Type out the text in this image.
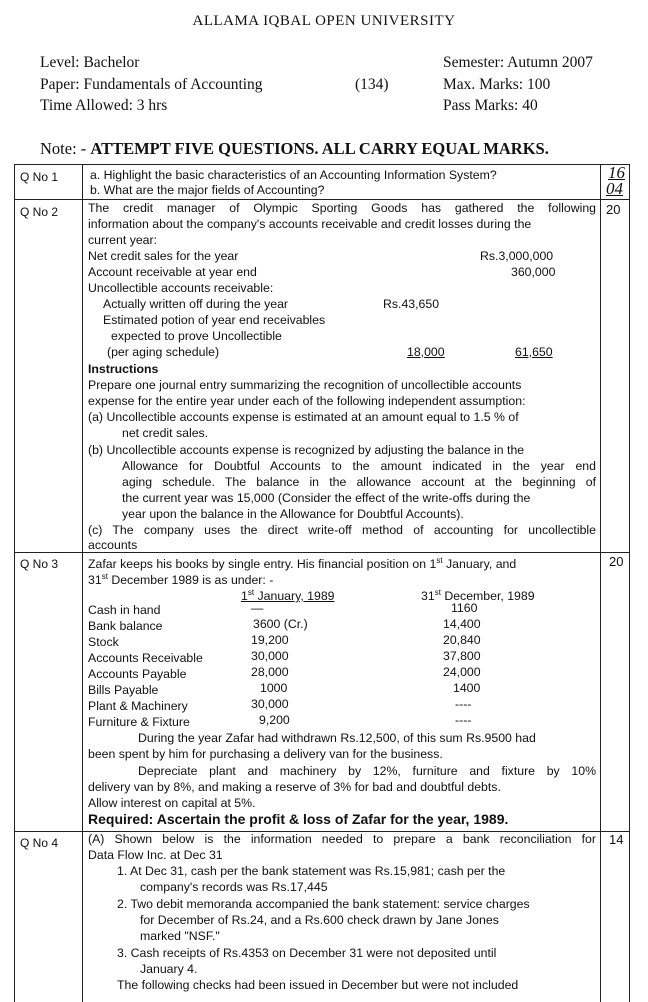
ALLAMA IQBAL OPEN UNIVERSITY
Level: Bachelor
Paper: Fundamentals of Accounting	(134)
Time Allowed: 3 hrs
Semester: Autumn 2007
Max. Marks: 100
Pass Marks: 40
Note: - ATTEMPT FIVE QUESTIONS. ALL CARRY EQUAL MARKS.
Q No 1	a. Highlight the basic characteristics of an Accounting Information System?
b. What are the major fields of Accounting?
16
04
Q No 2	20
The credit manager of Olympic Sporting Goods has gathered the following
information about the company's accounts receivable and credit losses during the
current year:
Net credit sales for the year	Rs.3,000,000
Account receivable at year end	360,000
Uncollectible accounts receivable:
Actually written off during the year	Rs.43,650
Estimated potion of year end receivables
expected to prove Uncollectible
(per aging schedule)	18,000	61,650
Instructions
Prepare one journal entry summarizing the recognition of uncollectible accounts
expense for the entire year under each of the following independent assumption:
(a) Uncollectible accounts expense is estimated at an amount equal to 1.5 % of
net credit sales.
(b) Uncollectible accounts expense is recognized by adjusting the balance in the
Allowance for Doubtful Accounts to the amount indicated in the year end
aging schedule. The balance in the allowance account at the beginning of
the current year was 15,000 (Consider the effect of the write-offs during the
year upon the balance in the Allowance for Doubtful Accounts).
(c) The company uses the direct write-off method of accounting for uncollectible
accounts
Q No 3	20
Zafar keeps his books by single entry. His financial position on 1st January, and
31st December 1989 is as under: -
1st January, 1989	31st December, 1989
Cash in hand	—	1160
Bank balance	3600 (Cr.)	14,400
Stock	19,200	20,840
Accounts Receivable	30,000	37,800
Accounts Payable	28,000	24,000
Bills Payable	1000	1400
Plant & Machinery	30,000	----
Furniture & Fixture	9,200	----
During the year Zafar had withdrawn Rs.12,500, of this sum Rs.9500 had
been spent by him for purchasing a delivery van for the business.
Depreciate plant and machinery by 12%, furniture and fixture by 10%
delivery van by 8%, and making a reserve of 3% for bad and doubtful debts.
Allow interest on capital at 5%.
Required: Ascertain the profit & loss of Zafar for the year, 1989.
Q No 4	14
(A) Shown below is the information needed to prepare a bank reconciliation for
Data Flow Inc. at Dec 31
1. At Dec 31, cash per the bank statement was Rs.15,981; cash per the
company's records was Rs.17,445
2. Two debit memoranda accompanied the bank statement: service charges
for December of Rs.24, and a Rs.600 check drawn by Jane Jones
marked "NSF."
3. Cash receipts of Rs.4353 on December 31 were not deposited until
January 4.
The following checks had been issued in December but were not included
